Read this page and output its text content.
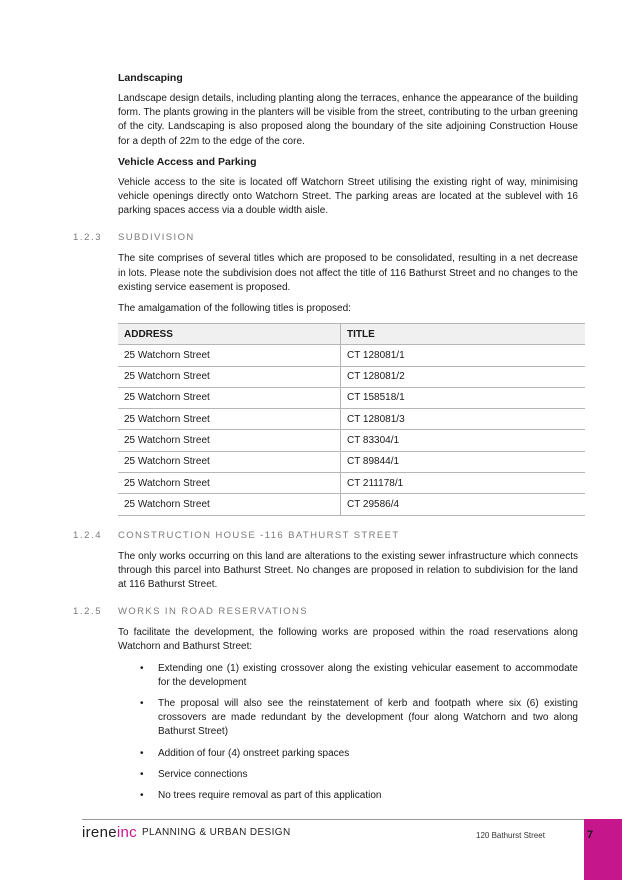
Landscaping

Landscape design details, including planting along the terraces, enhance the appearance of the building form. The plants growing in the planters will be visible from the street, contributing to the urban greening of the city. Landscaping is also proposed along the boundary of the site adjoining Construction House for a depth of 22m to the edge of the core.

Vehicle Access and Parking

Vehicle access to the site is located off Watchorn Street utilising the existing right of way, minimising vehicle openings directly onto Watchorn Street. The parking areas are located at the sublevel with 16 parking spaces access via a double width aisle.

1.2.3 SUBDIVISION

The site comprises of several titles which are proposed to be consolidated, resulting in a net decrease in lots. Please note the subdivision does not affect the title of 116 Bathurst Street and no changes to the existing service easement is proposed.

The amalgamation of the following titles is proposed:

ADDRESS	TITLE
25 Watchorn Street	CT 128081/1
25 Watchorn Street	CT 128081/2
25 Watchorn Street	CT 158518/1
25 Watchorn Street	CT 128081/3
25 Watchorn Street	CT 83304/1
25 Watchorn Street	CT 89844/1
25 Watchorn Street	CT 211178/1
25 Watchorn Street	CT 29586/4
1.2.4 CONSTRUCTION HOUSE -116 BATHURST STREET

The only works occurring on this land are alterations to the existing sewer infrastructure which connects through this parcel into Bathurst Street. No changes are proposed in relation to subdivision for the land at 116 Bathurst Street.

1.2.5 WORKS IN ROAD RESERVATIONS

To facilitate the development, the following works are proposed within the road reservations along Watchorn and Bathurst Street:

• Extending one (1) existing crossover along the existing vehicular easement to accommodate for the development
• The proposal will also see the reinstatement of kerb and footpath where six (6) existing crossovers are made redundant by the development (four along Watchorn and two along Bathurst Street)
• Addition of four (4) onstreet parking spaces
• Service connections
• No trees require removal as part of this application
ireneinc PLANNING & URBAN DESIGN	120 Bathurst Street	7
